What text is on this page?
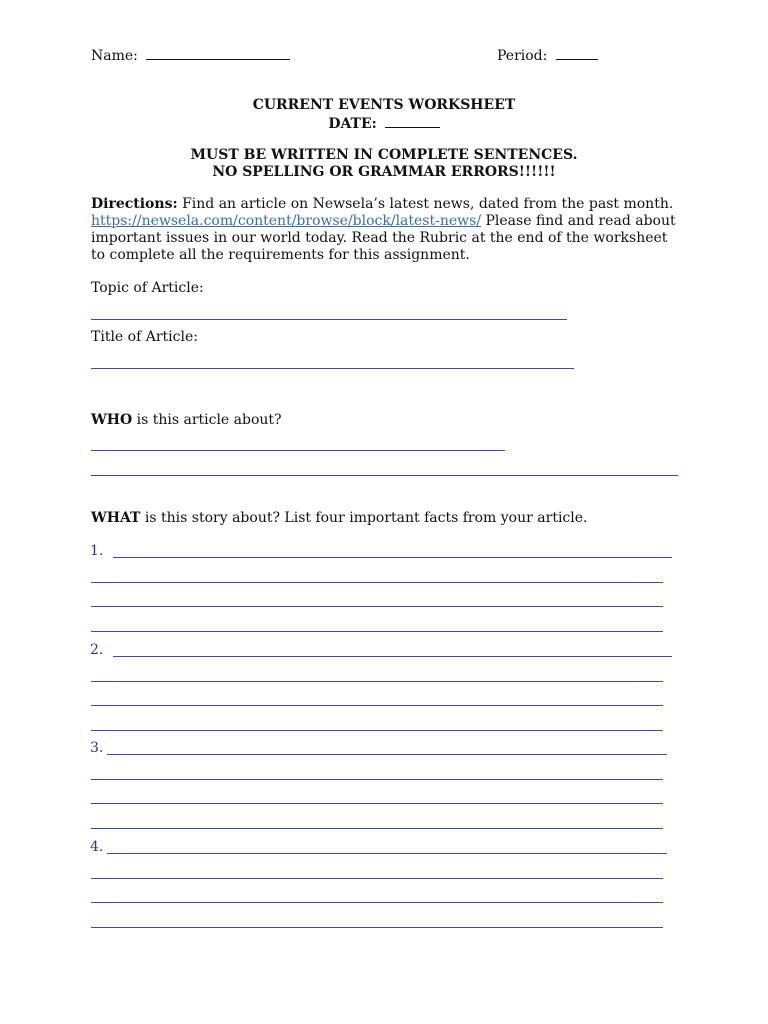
Name:	Period:
CURRENT EVENTS WORKSHEET
DATE:
MUST BE WRITTEN IN COMPLETE SENTENCES.
NO SPELLING OR GRAMMAR ERRORS!!!!!!
Directions: Find an article on Newsela’s latest news, dated from the past month. https://newsela.com/content/browse/block/latest-news/ Please find and read about important issues in our world today. Read the Rubric at the end of the worksheet to complete all the requirements for this assignment.
Topic of Article:
Title of Article:
WHO is this article about?
WHAT is this story about? List four important facts from your article.
1.
2.
3.
4.
